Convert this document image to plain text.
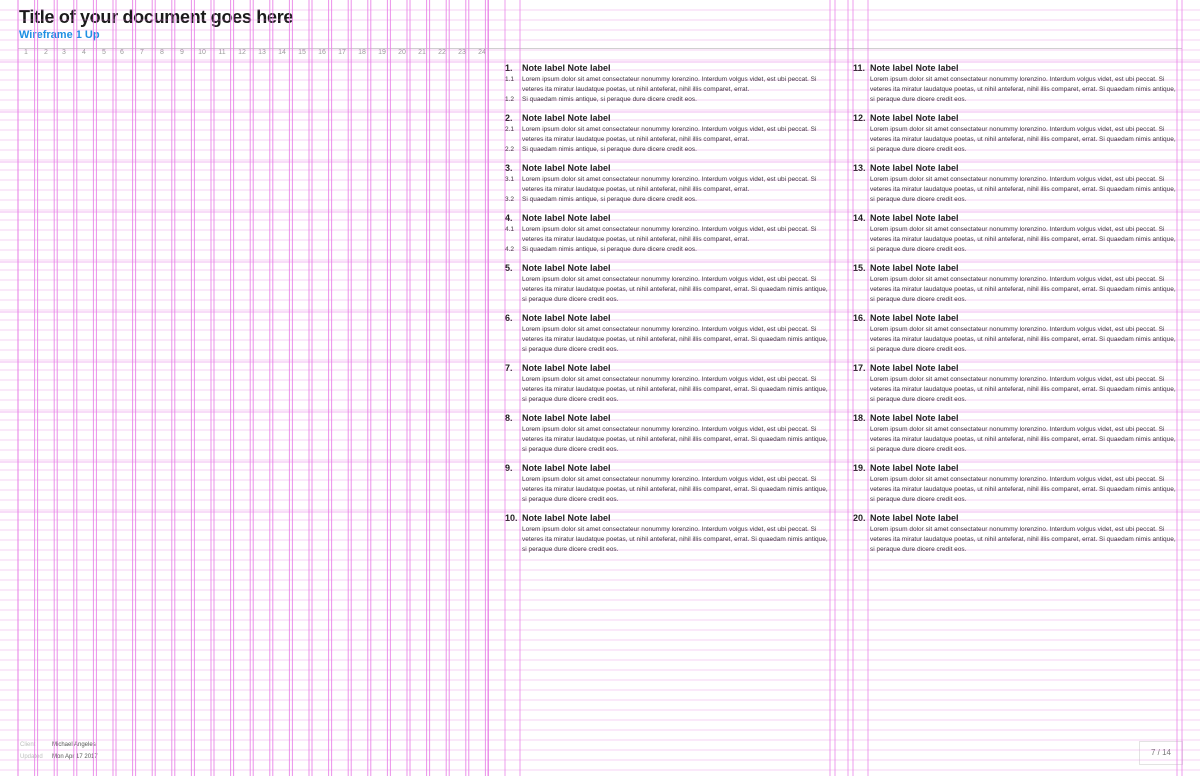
Title of your document goes here
Wireframe 1 Up
1	2	3	4	5	6	7	8	9	10	11	12	13	14	15	16	17	18	19	20	21	22	23	24
1. Note label Note label
1.1	Lorem ipsum dolor sit amet consectateur nonummy lorenzino. Interdum volgus videt, est ubi peccat. Si veteres ita miratur laudatque poetas, ut nihil anteferat, nihil illis comparet, errat.
1.2	Si quaedam nimis antique, si peraque dure dicere credit eos.
2. Note label Note label
2.1	Lorem ipsum dolor sit amet consectateur nonummy lorenzino. Interdum volgus videt, est ubi peccat. Si veteres ita miratur laudatque poetas, ut nihil anteferat, nihil illis comparet, errat.
2.2	Si quaedam nimis antique, si peraque dure dicere credit eos.
3. Note label Note label
3.1	Lorem ipsum dolor sit amet consectateur nonummy lorenzino. Interdum volgus videt, est ubi peccat. Si veteres ita miratur laudatque poetas, ut nihil anteferat, nihil illis comparet, errat.
3.2	Si quaedam nimis antique, si peraque dure dicere credit eos.
4. Note label Note label
4.1	Lorem ipsum dolor sit amet consectateur nonummy lorenzino. Interdum volgus videt, est ubi peccat. Si veteres ita miratur laudatque poetas, ut nihil anteferat, nihil illis comparet, errat.
4.2	Si quaedam nimis antique, si peraque dure dicere credit eos.
5. Note label Note label
Lorem ipsum dolor sit amet consectateur nonummy lorenzino. Interdum volgus videt, est ubi peccat. Si veteres ita miratur laudatque poetas, ut nihil anteferat, nihil illis comparet, errat. Si quaedam nimis antique, si peraque dure dicere credit eos.
6. Note label Note label
Lorem ipsum dolor sit amet consectateur nonummy lorenzino. Interdum volgus videt, est ubi peccat. Si veteres ita miratur laudatque poetas, ut nihil anteferat, nihil illis comparet, errat. Si quaedam nimis antique, si peraque dure dicere credit eos.
7. Note label Note label
Lorem ipsum dolor sit amet consectateur nonummy lorenzino. Interdum volgus videt, est ubi peccat. Si veteres ita miratur laudatque poetas, ut nihil anteferat, nihil illis comparet, errat. Si quaedam nimis antique, si peraque dure dicere credit eos.
8. Note label Note label
Lorem ipsum dolor sit amet consectateur nonummy lorenzino. Interdum volgus videt, est ubi peccat. Si veteres ita miratur laudatque poetas, ut nihil anteferat, nihil illis comparet, errat. Si quaedam nimis antique, si peraque dure dicere credit eos.
9. Note label Note label
Lorem ipsum dolor sit amet consectateur nonummy lorenzino. Interdum volgus videt, est ubi peccat. Si veteres ita miratur laudatque poetas, ut nihil anteferat, nihil illis comparet, errat. Si quaedam nimis antique, si peraque dure dicere credit eos.
10. Note label Note label
Lorem ipsum dolor sit amet consectateur nonummy lorenzino. Interdum volgus videt, est ubi peccat. Si veteres ita miratur laudatque poetas, ut nihil anteferat, nihil illis comparet, errat. Si quaedam nimis antique, si peraque dure dicere credit eos.
11. Note label Note label
Lorem ipsum dolor sit amet consectateur nonummy lorenzino. Interdum volgus videt, est ubi peccat. Si veteres ita miratur laudatque poetas, ut nihil anteferat, nihil illis comparet, errat. Si quaedam nimis antique, si peraque dure dicere credit eos.
12. Note label Note label
Lorem ipsum dolor sit amet consectateur nonummy lorenzino. Interdum volgus videt, est ubi peccat. Si veteres ita miratur laudatque poetas, ut nihil anteferat, nihil illis comparet, errat. Si quaedam nimis antique, si peraque dure dicere credit eos.
13. Note label Note label
Lorem ipsum dolor sit amet consectateur nonummy lorenzino. Interdum volgus videt, est ubi peccat. Si veteres ita miratur laudatque poetas, ut nihil anteferat, nihil illis comparet, errat. Si quaedam nimis antique, si peraque dure dicere credit eos.
14. Note label Note label
Lorem ipsum dolor sit amet consectateur nonummy lorenzino. Interdum volgus videt, est ubi peccat. Si veteres ita miratur laudatque poetas, ut nihil anteferat, nihil illis comparet, errat. Si quaedam nimis antique, si peraque dure dicere credit eos.
15. Note label Note label
Lorem ipsum dolor sit amet consectateur nonummy lorenzino. Interdum volgus videt, est ubi peccat. Si veteres ita miratur laudatque poetas, ut nihil anteferat, nihil illis comparet, errat. Si quaedam nimis antique, si peraque dure dicere credit eos.
16. Note label Note label
Lorem ipsum dolor sit amet consectateur nonummy lorenzino. Interdum volgus videt, est ubi peccat. Si veteres ita miratur laudatque poetas, ut nihil anteferat, nihil illis comparet, errat. Si quaedam nimis antique, si peraque dure dicere credit eos.
17. Note label Note label
Lorem ipsum dolor sit amet consectateur nonummy lorenzino. Interdum volgus videt, est ubi peccat. Si veteres ita miratur laudatque poetas, ut nihil anteferat, nihil illis comparet, errat. Si quaedam nimis antique, si peraque dure dicere credit eos.
18. Note label Note label
Lorem ipsum dolor sit amet consectateur nonummy lorenzino. Interdum volgus videt, est ubi peccat. Si veteres ita miratur laudatque poetas, ut nihil anteferat, nihil illis comparet, errat. Si quaedam nimis antique, si peraque dure dicere credit eos.
19. Note label Note label
Lorem ipsum dolor sit amet consectateur nonummy lorenzino. Interdum volgus videt, est ubi peccat. Si veteres ita miratur laudatque poetas, ut nihil anteferat, nihil illis comparet, errat. Si quaedam nimis antique, si peraque dure dicere credit eos.
20. Note label Note label
Lorem ipsum dolor sit amet consectateur nonummy lorenzino. Interdum volgus videt, est ubi peccat. Si veteres ita miratur laudatque poetas, ut nihil anteferat, nihil illis comparet, errat. Si quaedam nimis antique, si peraque dure dicere credit eos.
Client	Michael Angeles
Updated Mon Apr 17 2017	7 / 14
